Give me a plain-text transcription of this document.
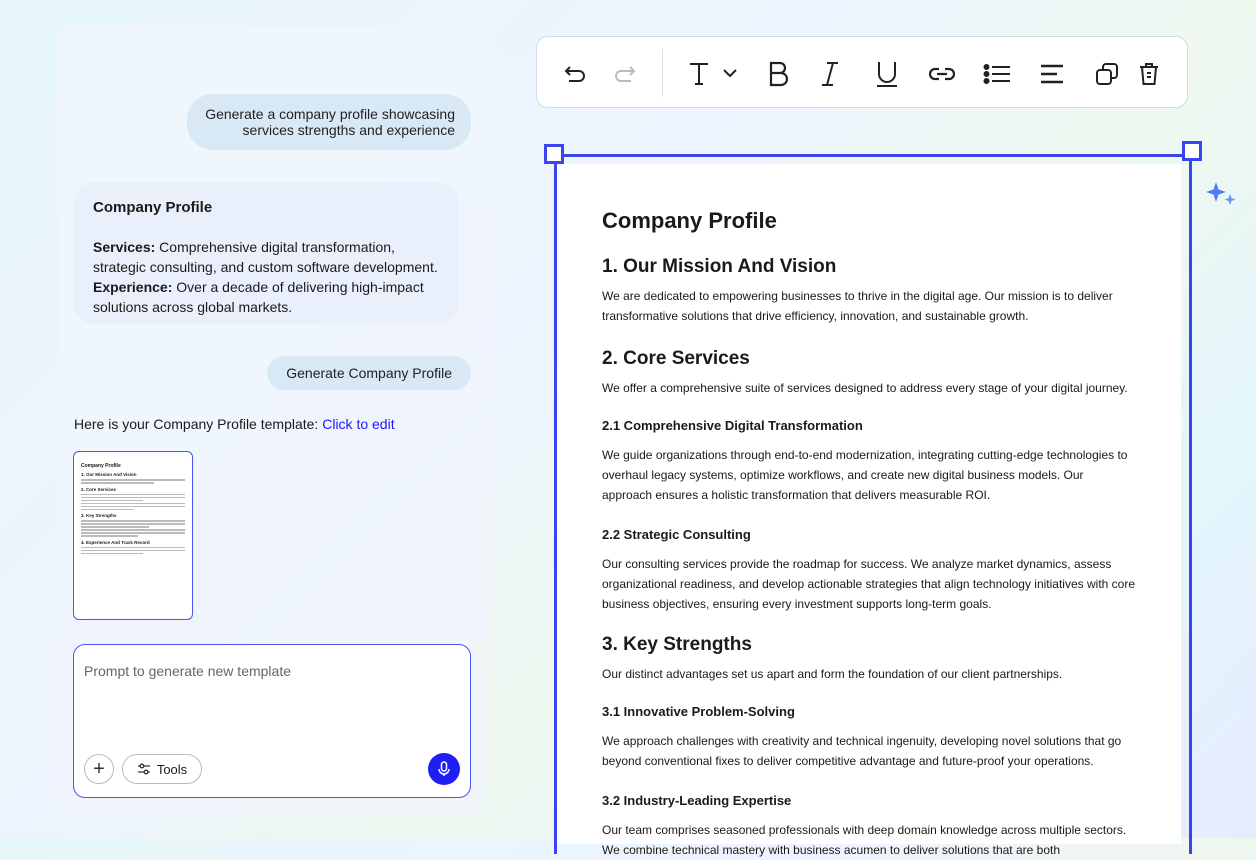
Generate a company profile showcasing services strengths and experience
Company Profile
Services: Comprehensive digital transformation, strategic consulting, and custom software development.
Experience: Over a decade of delivering high-impact solutions across global markets.
Generate Company Profile
Here is your Company Profile template: Click to edit
Company Profile
1. Our Mission And Vision
2. Core Services
3. Key Strengths
4. Experience And Track Record
Prompt to generate new template
+	Tools
Company Profile
1. Our Mission And Vision

We are dedicated to empowering businesses to thrive in the digital age. Our mission is to deliver transformative solutions that drive efficiency, innovation, and sustainable growth.

2. Core Services

We offer a comprehensive suite of services designed to address every stage of your digital journey.

2.1 Comprehensive Digital Transformation

We guide organizations through end-to-end modernization, integrating cutting-edge technologies to overhaul legacy systems, optimize workflows, and create new digital business models. Our approach ensures a holistic transformation that delivers measurable ROI.

2.2 Strategic Consulting

Our consulting services provide the roadmap for success. We analyze market dynamics, assess organizational readiness, and develop actionable strategies that align technology initiatives with core business objectives, ensuring every investment supports long-term goals.

3. Key Strengths

Our distinct advantages set us apart and form the foundation of our client partnerships.

3.1 Innovative Problem-Solving

We approach challenges with creativity and technical ingenuity, developing novel solutions that go beyond conventional fixes to deliver competitive advantage and future-proof your operations.

3.2 Industry-Leading Expertise

Our team comprises seasoned professionals with deep domain knowledge across multiple sectors. We combine technical mastery with business acumen to deliver solutions that are both
